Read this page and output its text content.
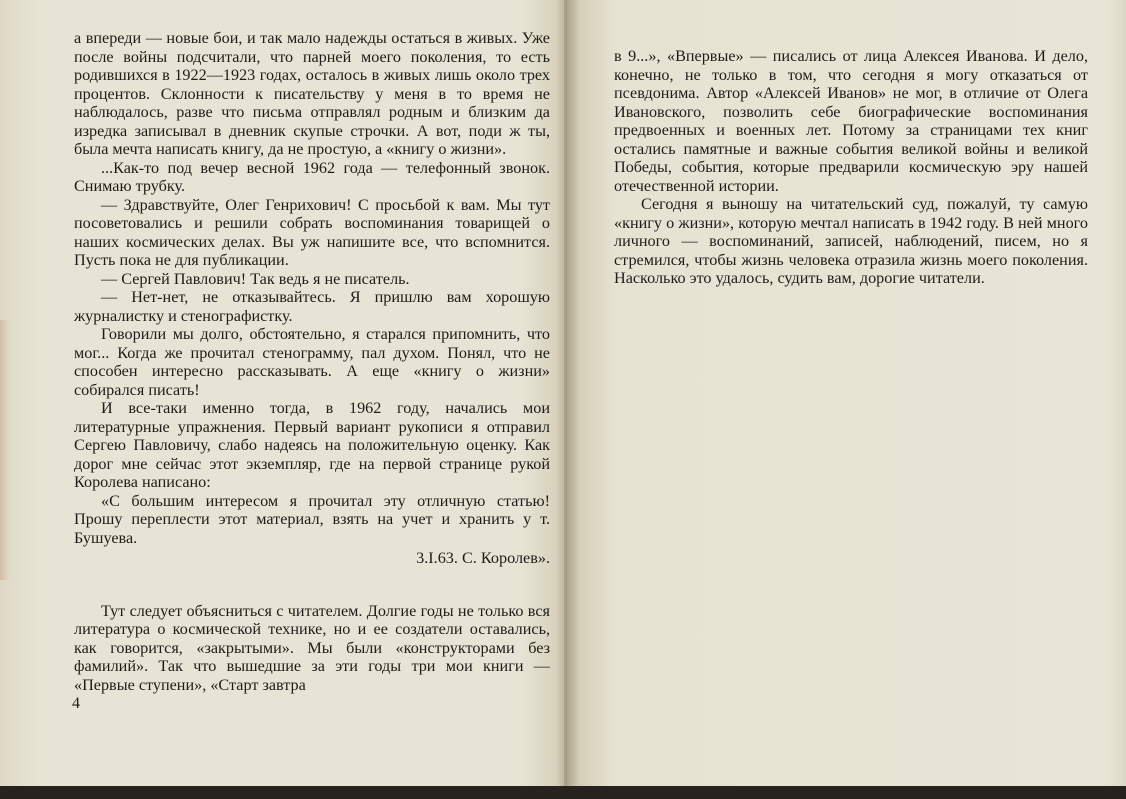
а впереди — новые бои, и так мало надежды остаться в живых. Уже после войны подсчитали, что парней моего поколения, то есть родившихся в 1922—1923 годах, осталось в живых лишь около трех процентов. Склонности к писательству у меня в то время не наблюдалось, разве что письма отправлял родным и близким да изредка записывал в дневник скупые строчки. А вот, поди ж ты, была мечта написать книгу, да не простую, а «книгу о жизни».

...Как-то под вечер весной 1962 года — телефонный звонок. Снимаю трубку.

— Здравствуйте, Олег Генрихович! С просьбой к вам. Мы тут посоветовались и решили собрать воспоминания товарищей о наших космических делах. Вы уж напишите все, что вспомнится. Пусть пока не для публикации.

— Сергей Павлович! Так ведь я не писатель.

— Нет-нет, не отказывайтесь. Я пришлю вам хорошую журналистку и стенографистку.

Говорили мы долго, обстоятельно, я старался припомнить, что мог... Когда же прочитал стенограмму, пал духом. Понял, что не способен интересно рассказывать. А еще «книгу о жизни» собирался писать!

И все-таки именно тогда, в 1962 году, начались мои литературные упражнения. Первый вариант рукописи я отправил Сергею Павловичу, слабо надеясь на положительную оценку. Как дорог мне сейчас этот экземпляр, где на первой странице рукой Королева написано:

«С большим интересом я прочитал эту отличную статью! Прошу переплести этот материал, взять на учет и хранить у т. Бушуева.

3.I.63. С. Королев».

Тут следует объясниться с читателем. Долгие годы не только вся литература о космической технике, но и ее создатели оставались, как говорится, «закрытыми». Мы были «конструкторами без фамилий». Так что вышедшие за эти годы три мои книги — «Первые ступени», «Старт завтра

4

в 9...», «Впервые» — писались от лица Алексея Иванова. И дело, конечно, не только в том, что сегодня я могу отказаться от псевдонима. Автор «Алексей Иванов» не мог, в отличие от Олега Ивановского, позволить себе биографические воспоминания предвоенных и военных лет. Потому за страницами тех книг остались памятные и важные события великой войны и великой Победы, события, которые предварили космическую эру нашей отечественной истории.

Сегодня я выношу на читательский суд, пожалуй, ту самую «книгу о жизни», которую мечтал написать в 1942 году. В ней много личного — воспоминаний, записей, наблюдений, писем, но я стремился, чтобы жизнь человека отразила жизнь моего поколения. Насколько это удалось, судить вам, дорогие читатели.
